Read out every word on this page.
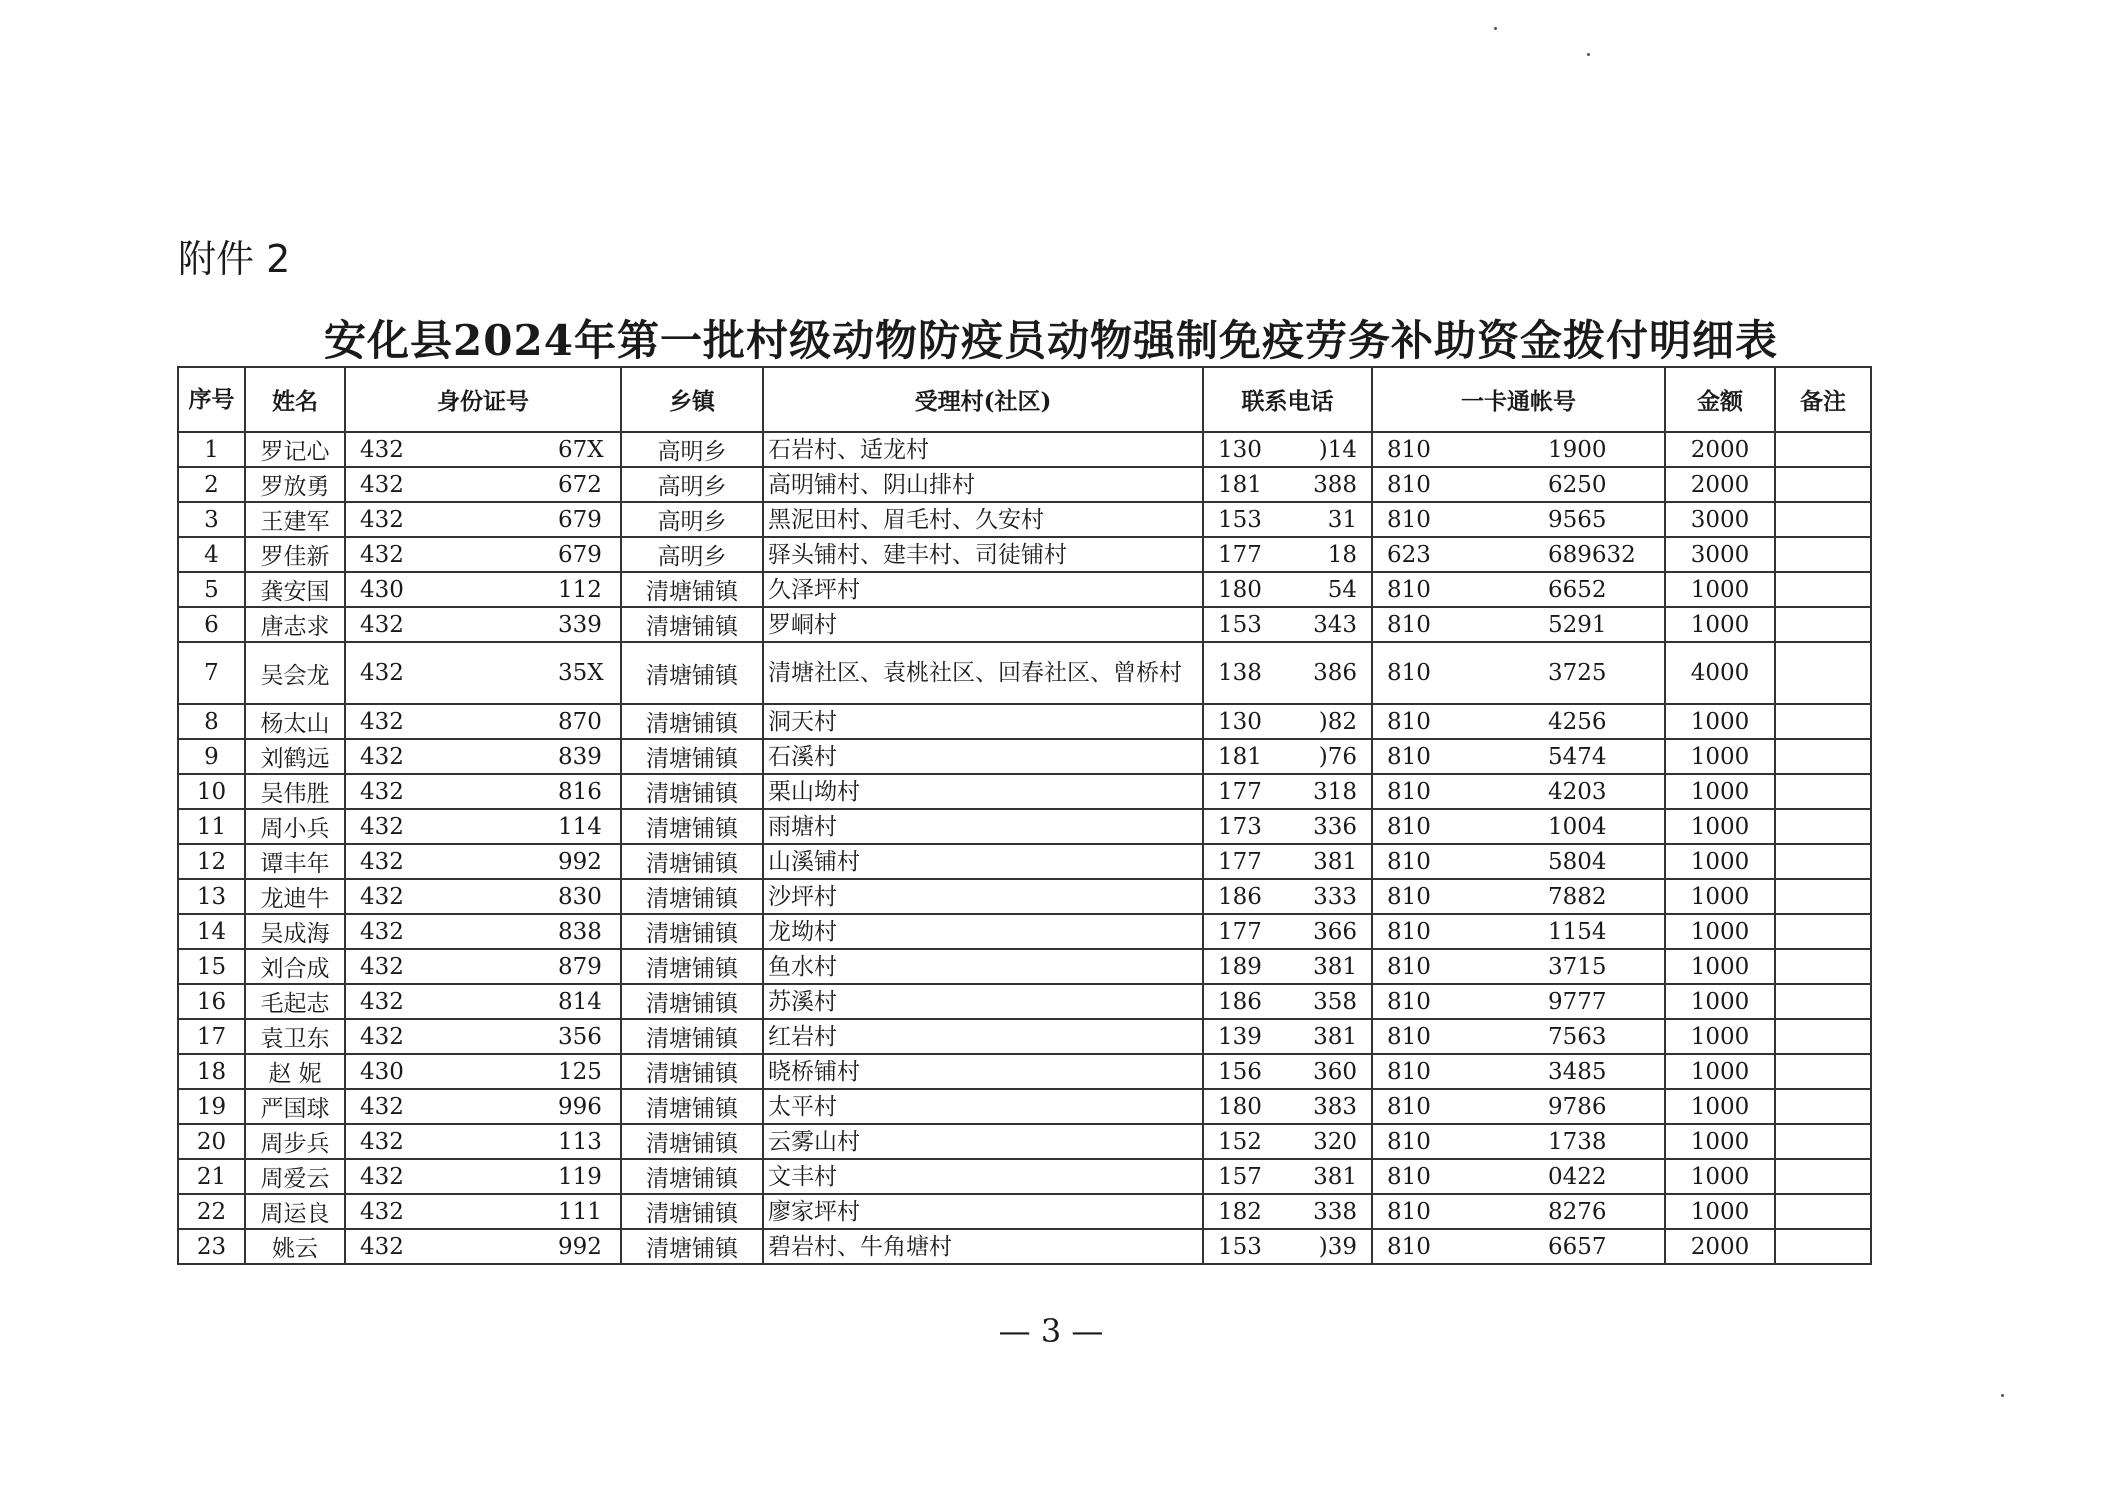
附件 2
安化县2024年第一批村级动物防疫员动物强制免疫劳务补助资金拨付明细表
序号	姓名	身份证号	乡镇	受理村(社区)	联系电话	一卡通帐号	金额	备注
1	罗记心	432 67X	高明乡	石岩村、适龙村	130 )14	810 1900	2000	
2	罗放勇	432 672	高明乡	高明铺村、阴山排村	181 388	810 6250	2000	
3	王建军	432 679	高明乡	黑泥田村、眉毛村、久安村	153 31	810 9565	3000	
4	罗佳新	432 679	高明乡	驿头铺村、建丰村、司徒铺村	177 18	623 689632	3000	
5	龚安国	430 112	清塘铺镇	久泽坪村	180 54	810 6652	1000	
6	唐志求	432 339	清塘铺镇	罗峒村	153 343	810 5291	1000	
7	吴会龙	432 35X	清塘铺镇	清塘社区、袁桃社区、回春社区、曾桥村	138 386	810 3725	4000	
8	杨太山	432 870	清塘铺镇	洞天村	130 )82	810 4256	1000	
9	刘鹤远	432 839	清塘铺镇	石溪村	181 )76	810 5474	1000	
10	吴伟胜	432 816	清塘铺镇	栗山坳村	177 318	810 4203	1000	
11	周小兵	432 114	清塘铺镇	雨塘村	173 336	810 1004	1000	
12	谭丰年	432 992	清塘铺镇	山溪铺村	177 381	810 5804	1000	
13	龙迪牛	432 830	清塘铺镇	沙坪村	186 333	810 7882	1000	
14	吴成海	432 838	清塘铺镇	龙坳村	177 366	810 1154	1000	
15	刘合成	432 879	清塘铺镇	鱼水村	189 381	810 3715	1000	
16	毛起志	432 814	清塘铺镇	苏溪村	186 358	810 9777	1000	
17	袁卫东	432 356	清塘铺镇	红岩村	139 381	810 7563	1000	
18	赵 妮	430 125	清塘铺镇	晓桥铺村	156 360	810 3485	1000	
19	严国球	432 996	清塘铺镇	太平村	180 383	810 9786	1000	
20	周步兵	432 113	清塘铺镇	云雾山村	152 320	810 1738	1000	
21	周爱云	432 119	清塘铺镇	文丰村	157 381	810 0422	1000	
22	周运良	432 111	清塘铺镇	廖家坪村	182 338	810 8276	1000	
23	姚云	432 992	清塘铺镇	碧岩村、牛角塘村	153 )39	810 6657	2000	
— 3 —
